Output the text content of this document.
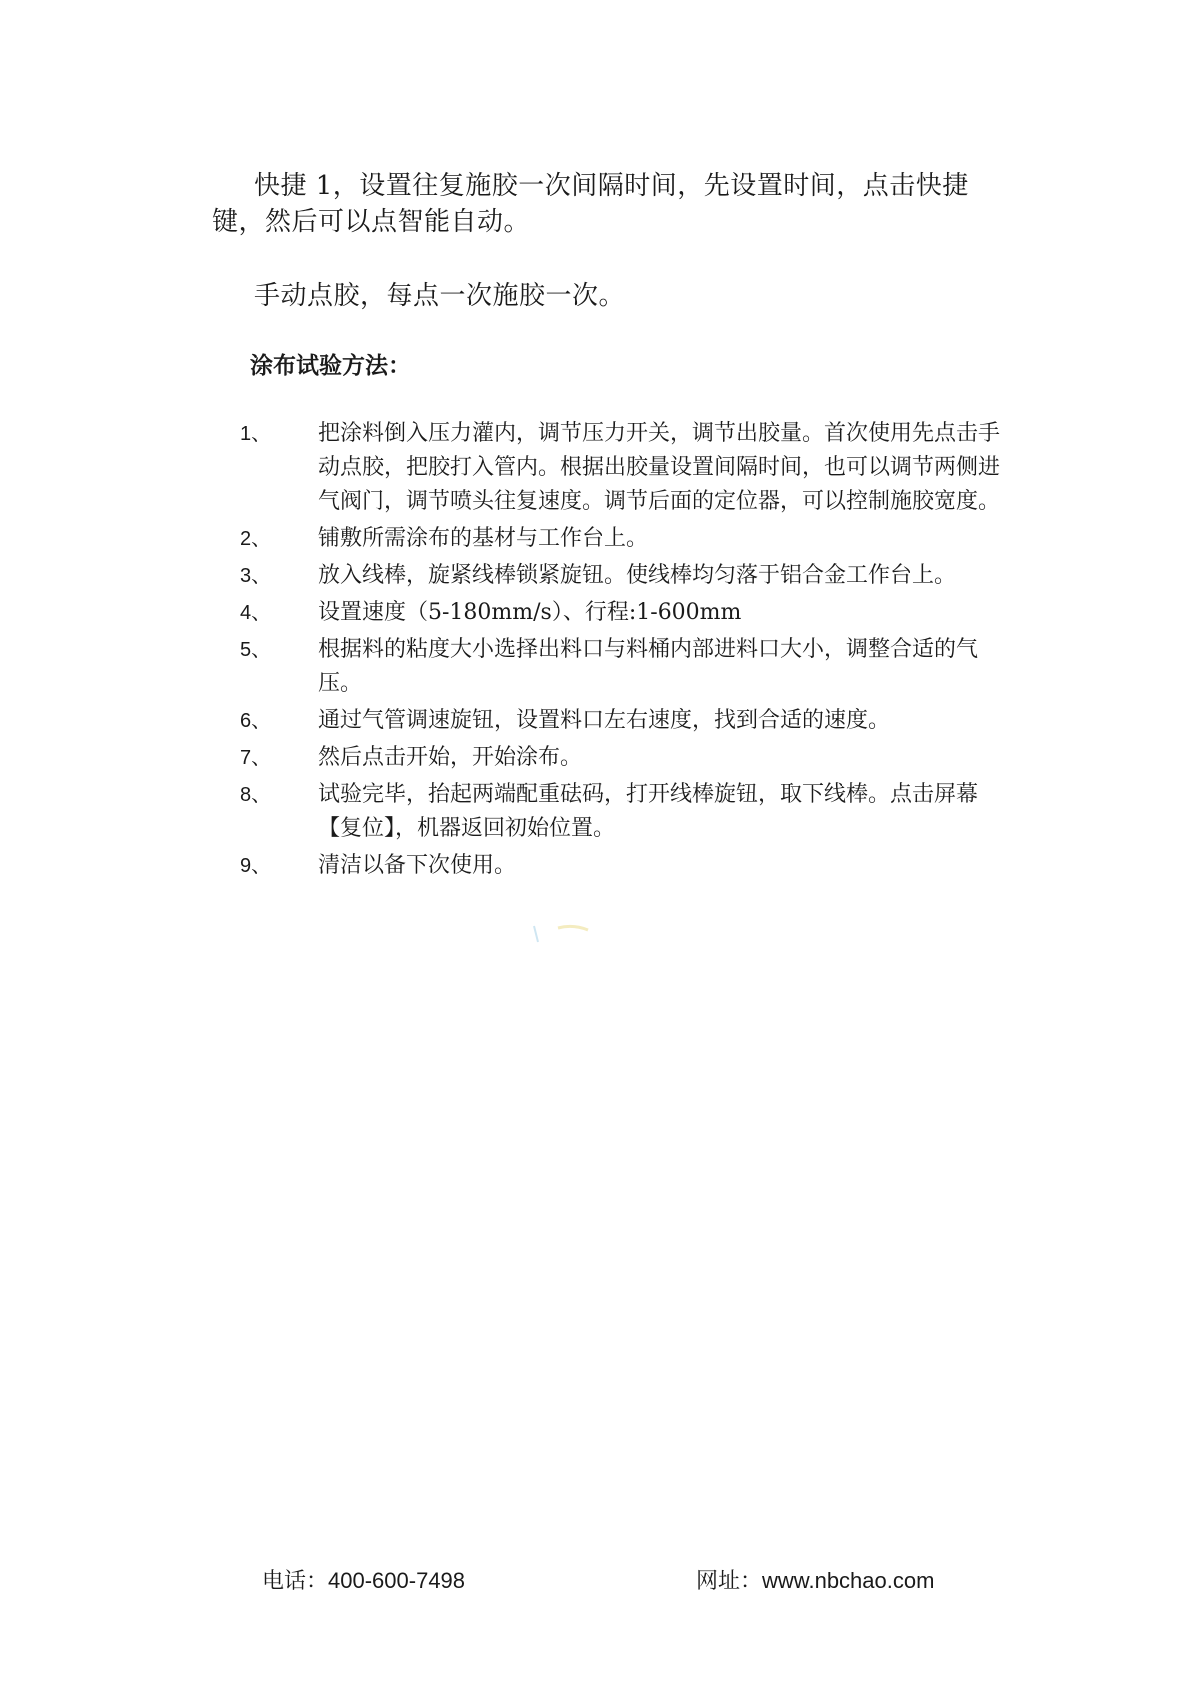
快捷 1，设置往复施胶一次间隔时间，先设置时间，点击快捷键，然后可以点智能自动。
手动点胶，每点一次施胶一次。
涂布试验方法：
1、	把涂料倒入压力灌内，调节压力开关，调节出胶量。首次使用先点击手动点胶，把胶打入管内。根据出胶量设置间隔时间，也可以调节两侧进气阀门，调节喷头往复速度。调节后面的定位器，可以控制施胶宽度。
2、	铺敷所需涂布的基材与工作台上。
3、	放入线棒，旋紧线棒锁紧旋钮。使线棒均匀落于铝合金工作台上。
4、	设置速度（5-180mm/s）、行程:1-600mm
5、	根据料的粘度大小选择出料口与料桶内部进料口大小，调整合适的气压。
6、	通过气管调速旋钮，设置料口左右速度，找到合适的速度。
7、	然后点击开始，开始涂布。
8、	试验完毕，抬起两端配重砝码，打开线棒旋钮，取下线棒。点击屏幕【复位】，机器返回初始位置。
9、	清洁以备下次使用。
电话：400-600-7498	网址：www.nbchao.com
